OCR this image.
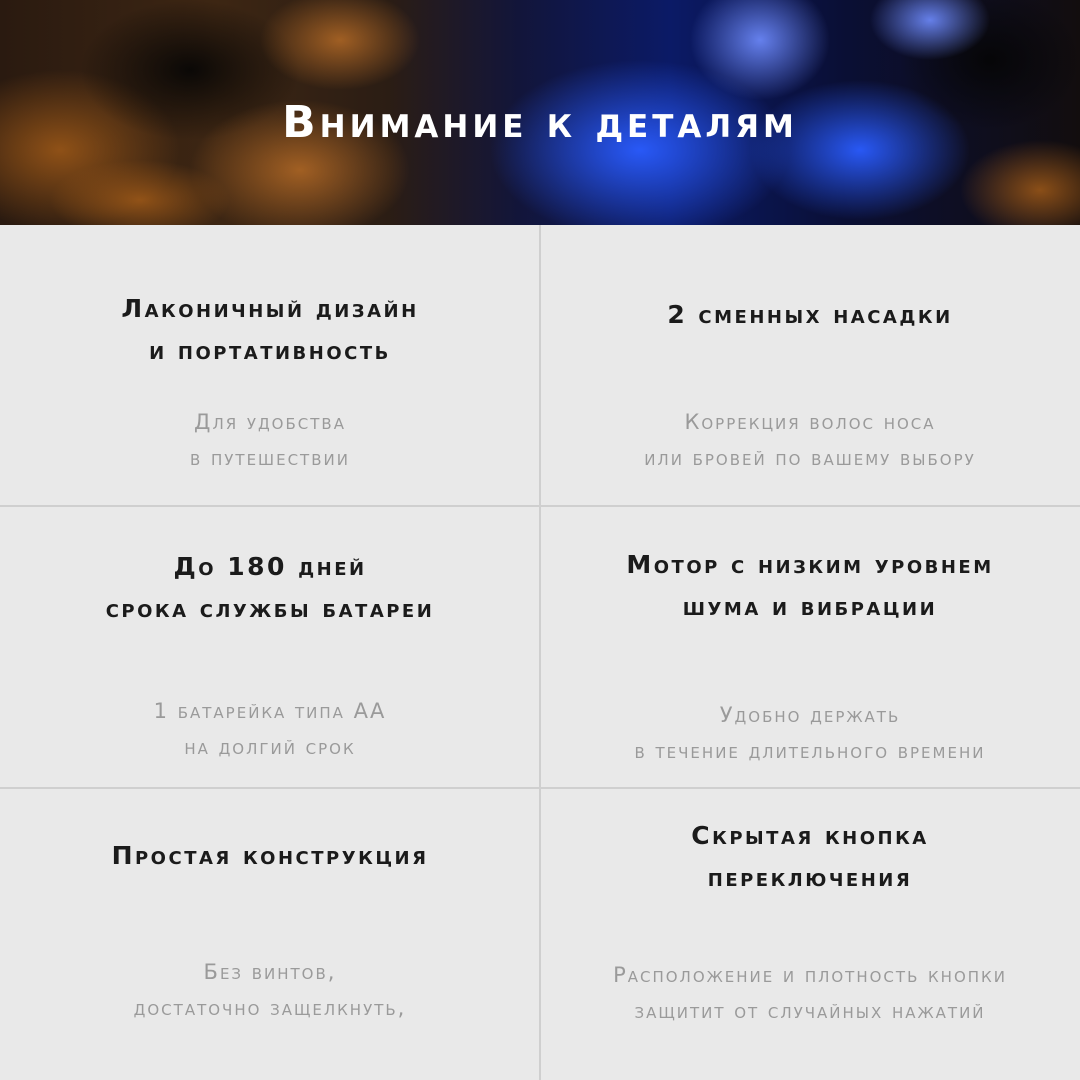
Внимание к деталям
Лаконичный дизайн
и портативность
Для удобства
в путешествии
2 сменных насадки
Коррекция волос носа
или бровей по вашему выбору
До 180 дней
срока службы батареи
1 батарейка типа АА
на долгий срок
Мотор с низким уровнем
шума и вибрации
Удобно держать
в течение длительного времени
Простая конструкция
Без винтов,
достаточно защелкнуть,
Скрытая кнопка
переключения
Расположение и плотность кнопки
защитит от случайных нажатий
